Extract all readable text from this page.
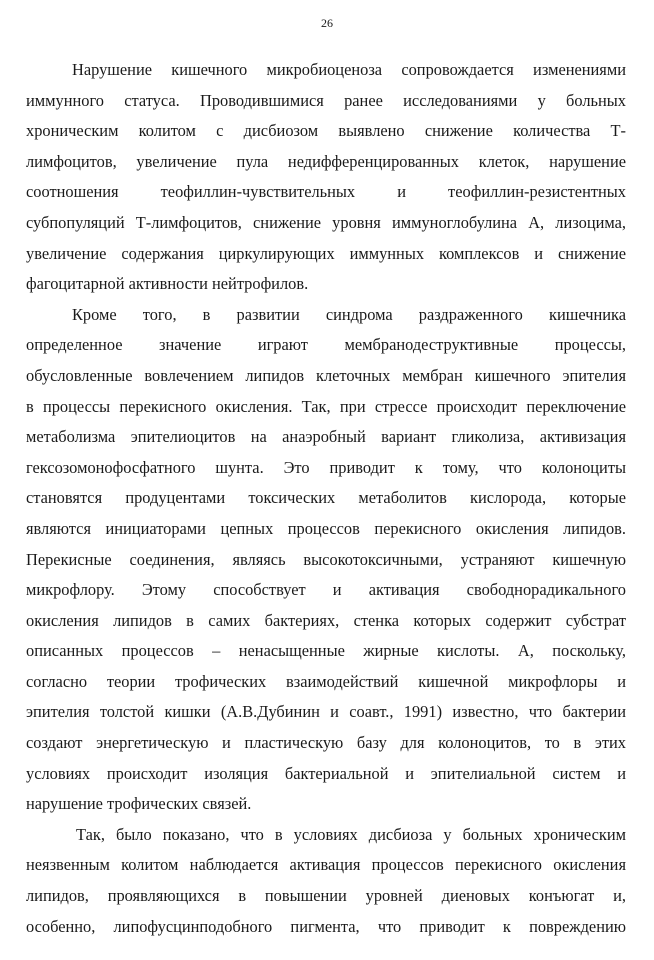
26
Нарушение кишечного микробиоценоза сопровождается изменениями
иммунного статуса. Проводившимися ранее исследованиями у больных
хроническим колитом с дисбиозом выявлено снижение количества Т-
лимфоцитов, увеличение пула недифференцированных клеток, нарушение
соотношения теофиллин-чувствительных и теофиллин-резистентных
субпопуляций Т-лимфоцитов, снижение уровня иммуноглобулина А, лизоцима,
увеличение содержания циркулирующих иммунных комплексов и снижение
фагоцитарной активности нейтрофилов.
Кроме того, в развитии синдрома раздраженного кишечника
определенное значение играют мембранодеструктивные процессы,
обусловленные вовлечением липидов клеточных мембран кишечного эпителия
в процессы перекисного окисления. Так, при стрессе происходит переключение
метаболизма эпителиоцитов на анаэробный вариант гликолиза, активизация
гексозомонофосфатного шунта. Это приводит к тому, что колоноциты
становятся продуцентами токсических метаболитов кислорода, которые
являются инициаторами цепных процессов перекисного окисления липидов.
Перекисные соединения, являясь высокотоксичными, устраняют кишечную
микрофлору. Этому способствует и активация свободнорадикального
окисления липидов в самих бактериях, стенка которых содержит субстрат
описанных процессов – ненасыщенные жирные кислоты. А, поскольку,
согласно теории трофических взаимодействий кишечной микрофлоры и
эпителия толстой кишки (А.В.Дубинин и соавт., 1991) известно, что бактерии
создают энергетическую и пластическую базу для колоноцитов, то в этих
условиях происходит изоляция бактериальной и эпителиальной систем и
нарушение трофических связей.
Так, было показано, что в условиях дисбиоза у больных хроническим
неязвенным колитом наблюдается активация процессов перекисного окисления
липидов, проявляющихся в повышении уровней диеновых конъюгат и,
особенно, липофусцинподобного пигмента, что приводит к повреждению
